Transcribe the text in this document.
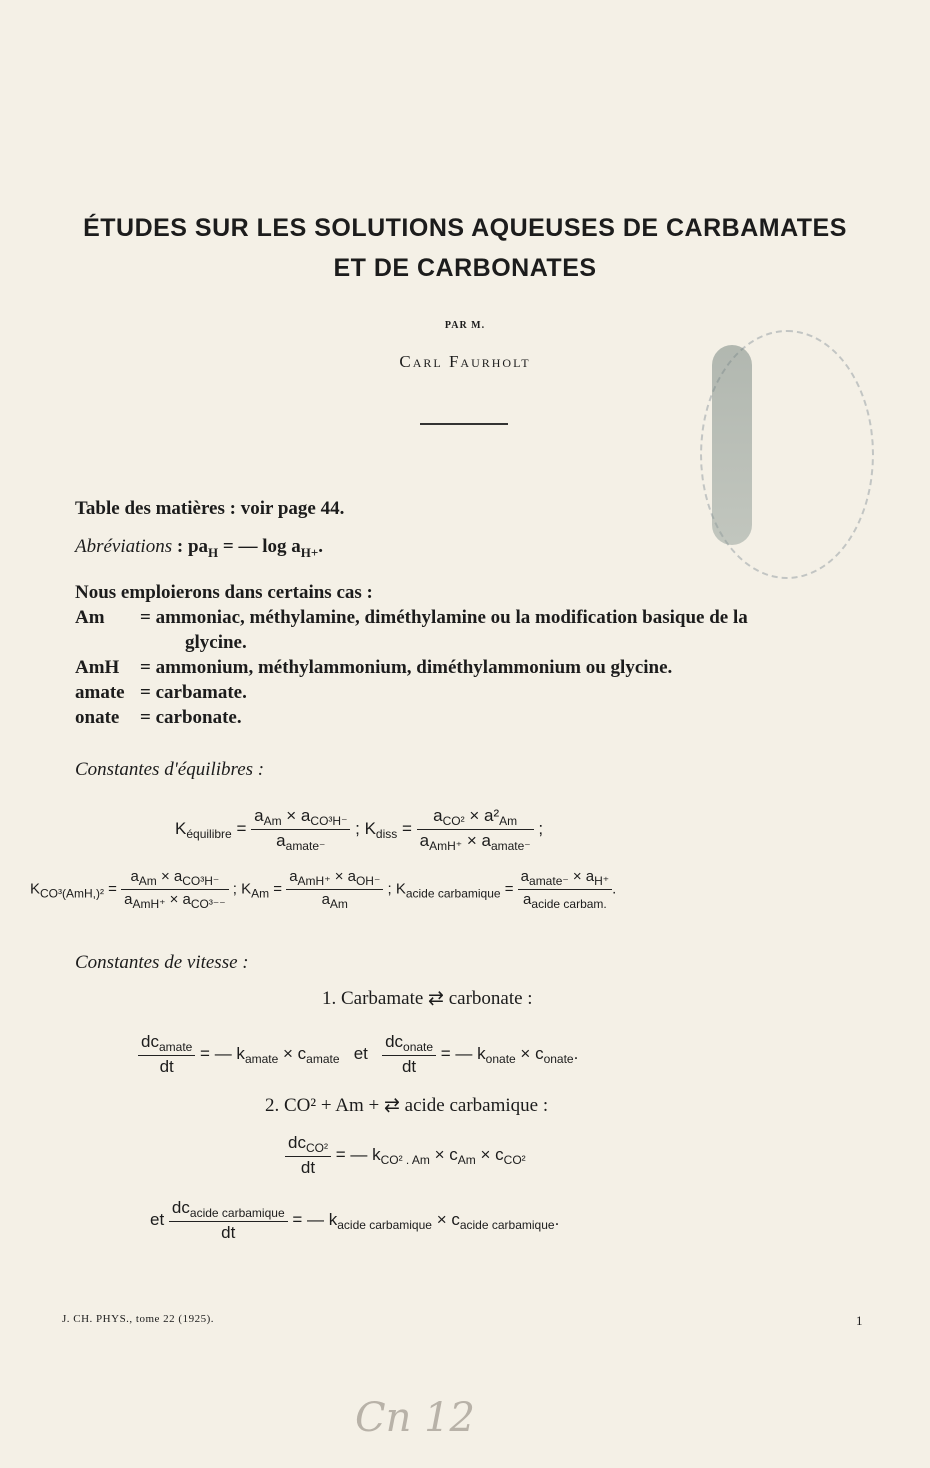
ÉTUDES SUR LES SOLUTIONS AQUEUSES DE CARBAMATES
ET DE CARBONATES
PAR M.
Carl Faurholt
Table des matières : voir page 44.
Abréviations : $pa_H$ = — $\log a_{H+}$.
Nous emploierons dans certains cas :
Am = ammoniac, méthylamine, diméthylamine ou la modification basique de la
glycine.
AmH = ammonium, méthylammonium, diméthylammonium ou glycine.
amate = carbamate.
onate = carbonate.
Constantes d'équilibres :
$K_{équilibre} = \frac{a_{Am} \times a_{CO^3H^-}}{a_{amate^-}}$ ; $K_{diss} = \frac{a_{CO^2} \times a^2_{Am}}{a_{AmH^+} \times a_{amate^-}}$ ;
$K_{CO^3(AmH,)^2} = \frac{a_{Am} \times a_{CO^3H^-}}{a_{AmH^+} \times a_{CO^{3--}}}$ ; $K_{Am} = \frac{a_{AmH^+} \times a_{OH^-}}{a_{Am}}$ ; $K_{acide carbamique} = \frac{a_{amate^-} \times a_{H^+}}{a_{acide carbam.}}$ .
Constantes de vitesse :
1. Carbamate ⇄ carbonate :
$\frac{dc_{amate}}{dt}$ = — $k_{amate} \times c_{amate}$ et $\frac{dc_{onate}}{dt}$ = — $k_{onate} \times c_{onate}$.
2. CO² + Am + ⇄ acide carbamique :
$\frac{dc_{CO^2}}{dt}$ = — $k_{CO^2 . Am} \times c_{Am} \times c_{CO^2}$
et $\frac{dc_{acide carbamique}}{dt}$ = — $k_{acide carbamique} \times c_{acide carbamique}$.
J. CH. PHYS., tome 22 (1925).	1
Cn 12
